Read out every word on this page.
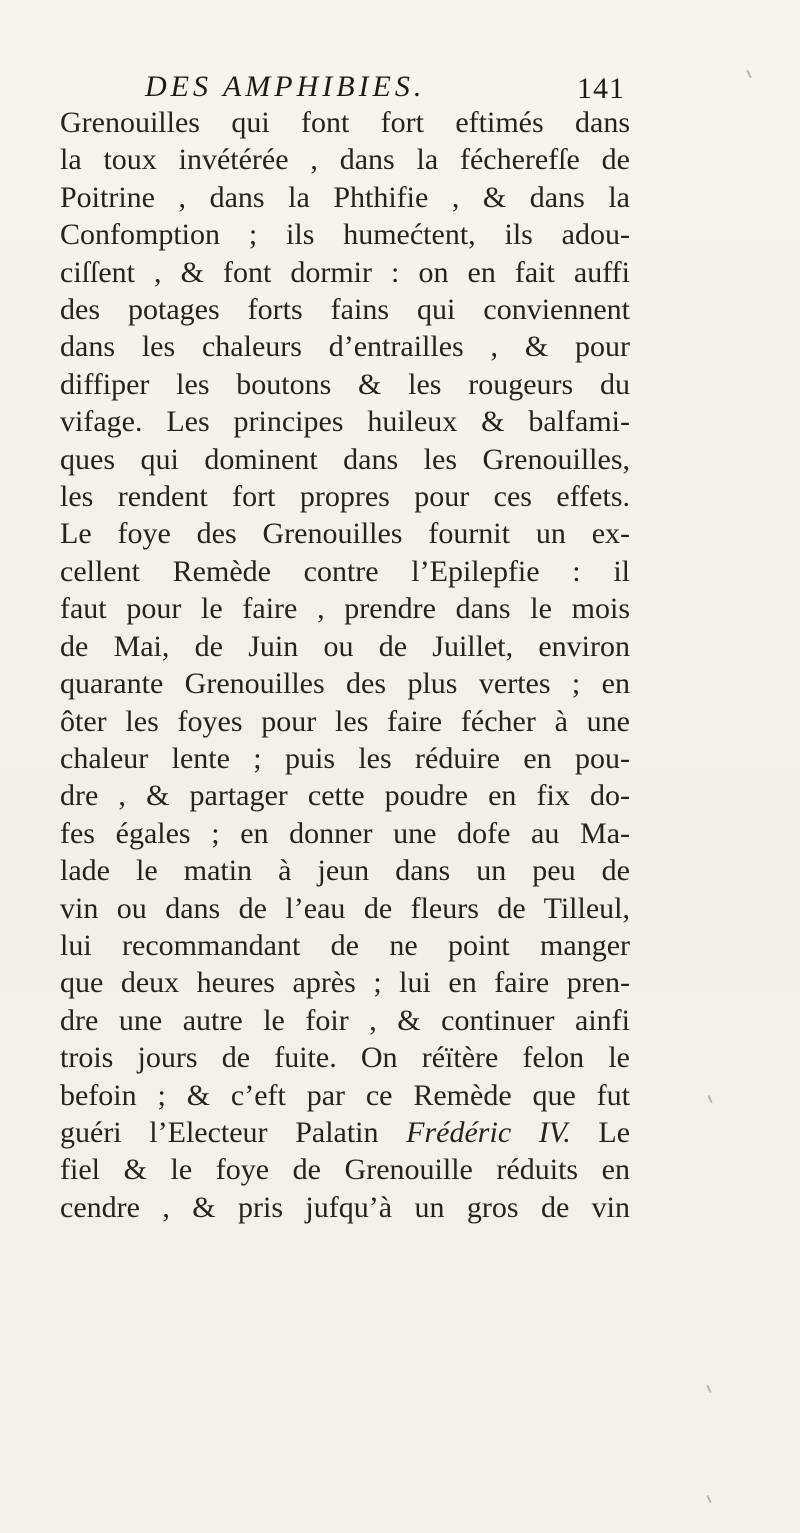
DES AMPHIBIES.	141
Grenouilles qui font fort eftimés dans
la toux invétérée , dans la fécherefſe de
Poitrine , dans la Phthifie , & dans la
Confomption ; ils humećtent, ils adou-
ciſſent , & font dormir : on en fait auffi
des potages forts fains qui conviennent
dans les chaleurs d’entrailles , & pour
diffiper les boutons & les rougeurs du
vifage. Les principes huileux & balfami-
ques qui dominent dans les Grenouilles,
les rendent fort propres pour ces effets.
Le foye des Grenouilles fournit un ex-
cellent Remède contre l’Epilepfie : il
faut pour le faire , prendre dans le mois
de Mai, de Juin ou de Juillet, environ
quarante Grenouilles des plus vertes ; en
ôter les foyes pour les faire fécher à une
chaleur lente ; puis les réduire en pou-
dre , & partager cette poudre en fix do-
fes égales ; en donner une dofe au Ma-
lade le matin à jeun dans un peu de
vin ou dans de l’eau de fleurs de Tilleul,
lui recommandant de ne point manger
que deux heures après ; lui en faire pren-
dre une autre le foir , & continuer ainfi
trois jours de fuite. On réïtère felon le
befoin ; & c’eft par ce Remède que fut
guéri l’Electeur Palatin Frédéric IV. Le
fiel & le foye de Grenouille réduits en
cendre , & pris jufqu’à un gros de vin
